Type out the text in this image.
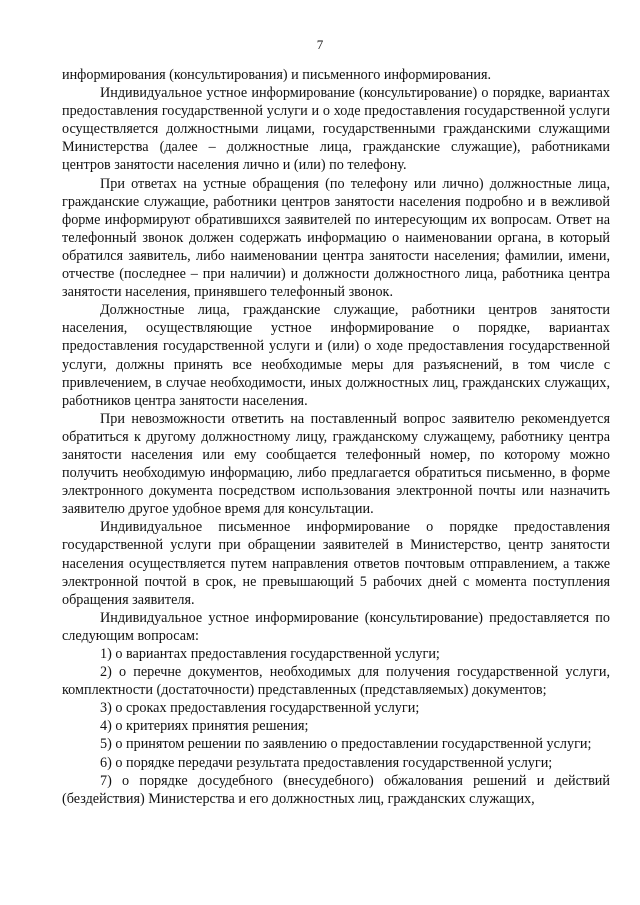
7

информирования (консультирования) и письменного информирования.

Индивидуальное устное информирование (консультирование) о порядке, вариантах предоставления государственной услуги и о ходе предоставления государственной услуги осуществляется должностными лицами, государственными гражданскими служащими Министерства (далее – должностные лица, гражданские служащие), работниками центров занятости населения лично и (или) по телефону.

При ответах на устные обращения (по телефону или лично) должностные лица, гражданские служащие, работники центров занятости населения подробно и в вежливой форме информируют обратившихся заявителей по интересующим их вопросам. Ответ на телефонный звонок должен содержать информацию о наименовании органа, в который обратился заявитель, либо наименовании центра занятости населения; фамилии, имени, отчестве (последнее – при наличии) и должности должностного лица, работника центра занятости населения, принявшего телефонный звонок.

Должностные лица, гражданские служащие, работники центров занятости населения, осуществляющие устное информирование о порядке, вариантах предоставления государственной услуги и (или) о ходе предоставления государственной услуги, должны принять все необходимые меры для разъяснений, в том числе с привлечением, в случае необходимости, иных должностных лиц, гражданских служащих, работников центра занятости населения.

При невозможности ответить на поставленный вопрос заявителю рекомендуется обратиться к другому должностному лицу, гражданскому служащему, работнику центра занятости населения или ему сообщается телефонный номер, по которому можно получить необходимую информацию, либо предлагается обратиться письменно, в форме электронного документа посредством использования электронной почты или назначить заявителю другое удобное время для консультации.

Индивидуальное письменное информирование о порядке предоставления государственной услуги при обращении заявителей в Министерство, центр занятости населения осуществляется путем направления ответов почтовым отправлением, а также электронной почтой в срок, не превышающий 5 рабочих дней с момента поступления обращения заявителя.

Индивидуальное устное информирование (консультирование) предоставляется по следующим вопросам:

1) о вариантах предоставления государственной услуги;

2) о перечне документов, необходимых для получения государственной услуги, комплектности (достаточности) представленных (представляемых) документов;

3) о сроках предоставления государственной услуги;

4) о критериях принятия решения;

5) о принятом решении по заявлению о предоставлении государственной услуги;

6) о порядке передачи результата предоставления государственной услуги;

7) о порядке досудебного (внесудебного) обжалования решений и действий (бездействия) Министерства и его должностных лиц, гражданских служащих,
